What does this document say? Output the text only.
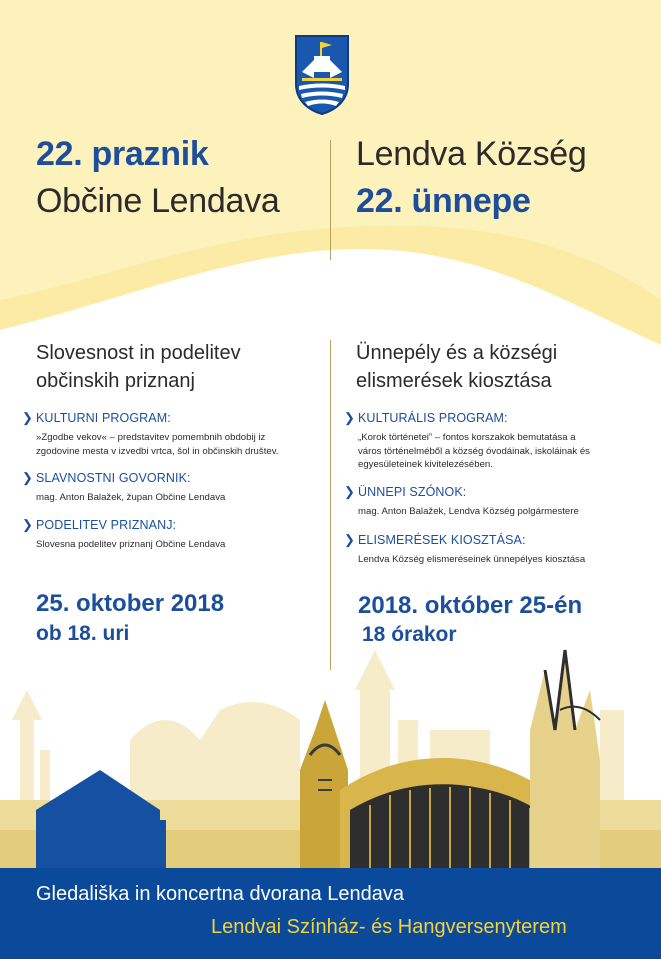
22. praznik
Občine Lendava
Lendva Község
22. ünnepe
Slovesnost in podelitev
občinskih priznanj
❯ KULTURNI PROGRAM:
»Zgodbe vekov« – predstavitev pomembnih obdobij iz
zgodovine mesta v izvedbi vrtca, šol in občinskih društev.
❯ SLAVNOSTNI GOVORNIK:
mag. Anton Balažek, župan Občine Lendava
❯ PODELITEV PRIZNANJ:
Slovesna podelitev priznanj Občine Lendava
25. oktober 2018
ob 18. uri
Ünnepély és a községi
elismerések kiosztása
❯ KULTURÁLIS PROGRAM:
„Korok történetei” – fontos korszakok bemutatása a
város történelméből a község óvodáinak, iskoláinak és
egyesületeinek kivitelezésében.
❯ ÜNNEPI SZÓNOK:
mag. Anton Balažek, Lendva Község polgármestere
❯ ELISMERÉSEK KIOSZTÁSA:
Lendva Község elismeréseinek ünnepélyes kiosztása
2018. október 25-én
18 órakor
Gledališka in koncertna dvorana Lendava
Lendvai Színház- és Hangversenyterem
